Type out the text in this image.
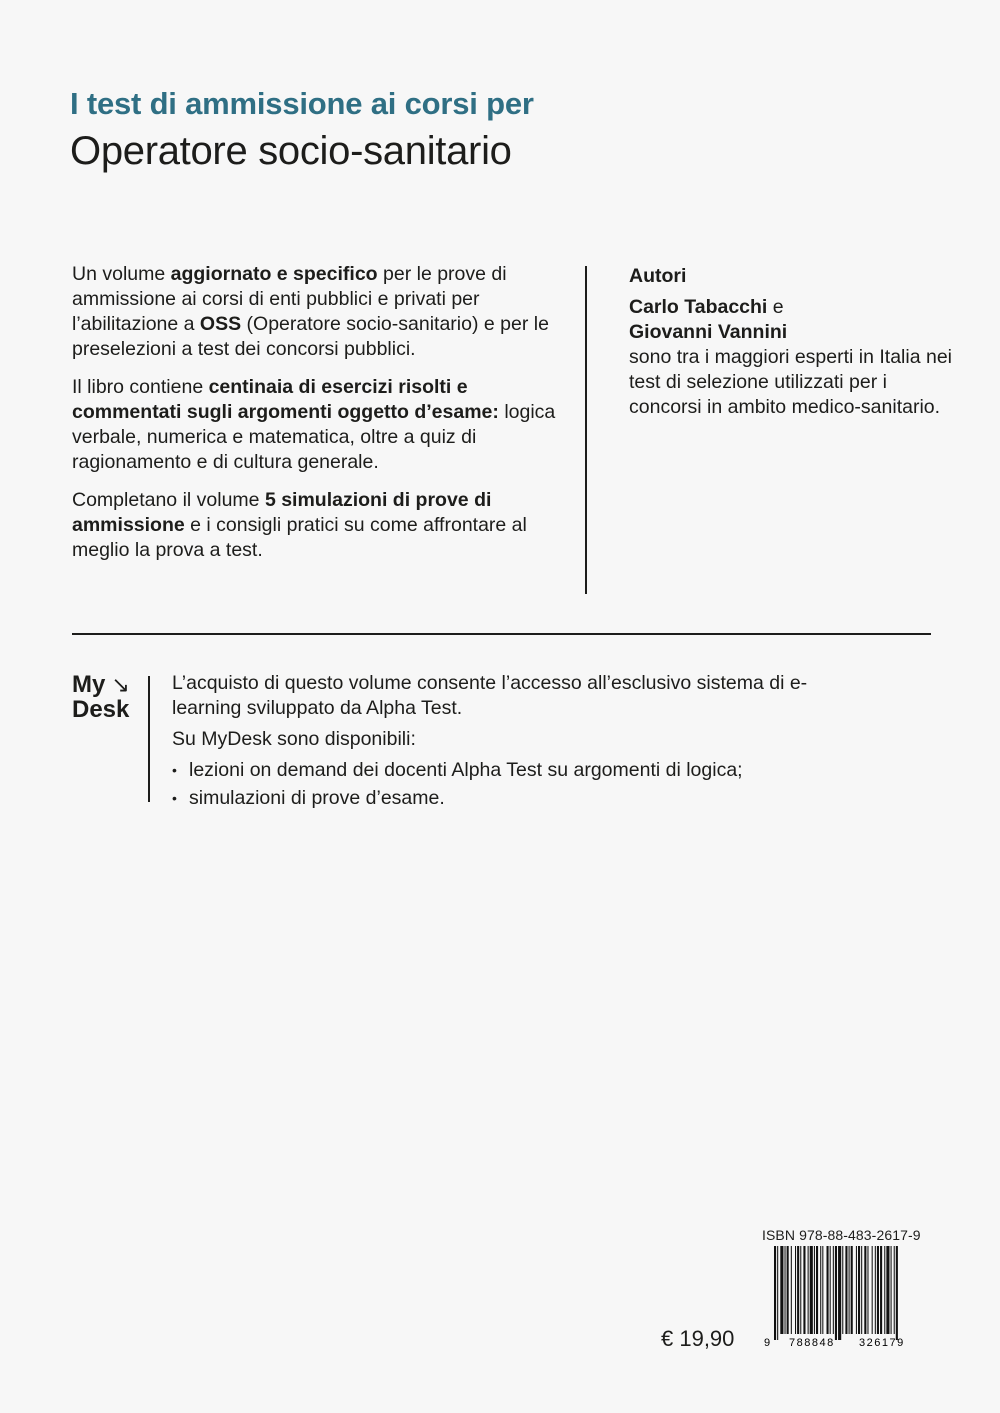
I test di ammissione ai corsi per
Operatore socio-sanitario

Un volume aggiornato e specifico per le prove di ammissione ai corsi di enti pubblici e privati per l’abilitazione a OSS (Operatore socio-sanitario) e per le preselezioni a test dei concorsi pubblici.

Il libro contiene centinaia di esercizi risolti e commentati sugli argomenti oggetto d’esame: logica verbale, numerica e matematica, oltre a quiz di ragionamento e di cultura generale.

Completano il volume 5 simulazioni di prove di ammissione e i consigli pratici su come affrontare al meglio la prova a test.

Autori

Carlo Tabacchi e

Giovanni Vannini

sono tra i maggiori esperti in Italia nei test di selezione utilizzati per i concorsi in ambito medico-sanitario.

My ↘
Desk

L’acquisto di questo volume consente l’accesso all’esclusivo sistema di e-learning sviluppato da Alpha Test.

Su MyDesk sono disponibili:

• lezioni on demand dei docenti Alpha Test su argomenti di logica;
• simulazioni di prove d’esame.
ISBN 978-88-483-2617-9
9 788848 326179
€ 19,90
